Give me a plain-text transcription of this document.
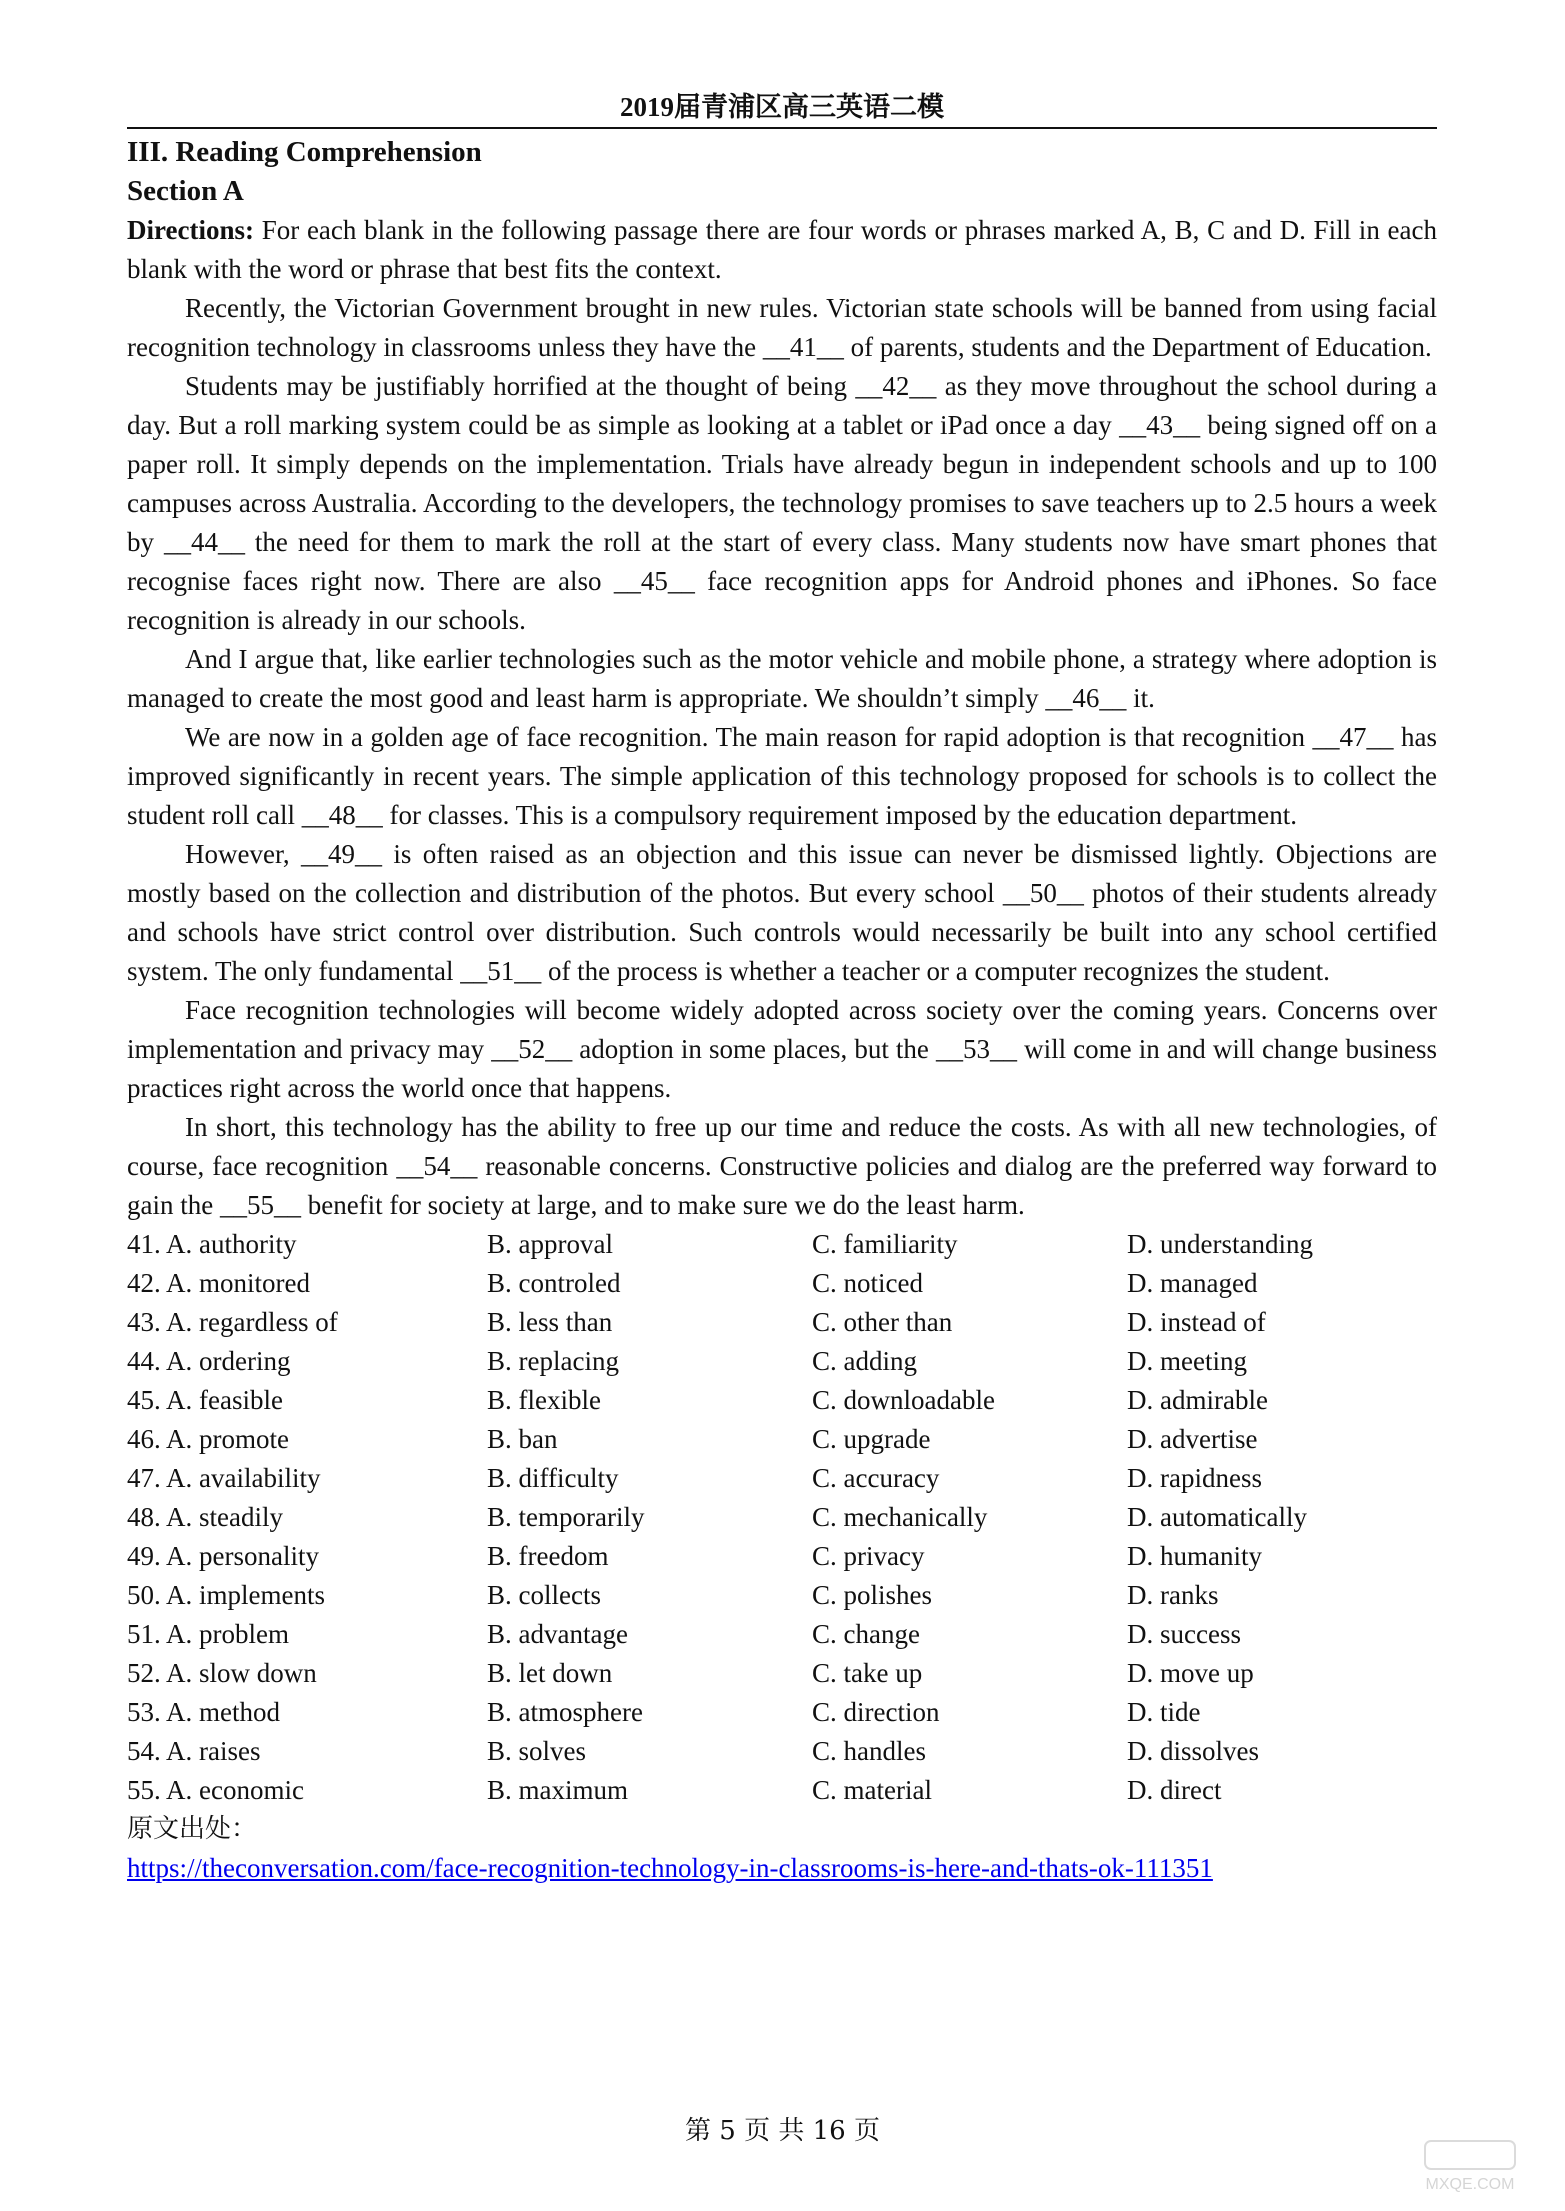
2019届青浦区高三英语二模
III. Reading Comprehension
Section A

Directions: For each blank in the following passage there are four words or phrases marked A, B, C and D. Fill in each blank with the word or phrase that best fits the context.

Recently, the Victorian Government brought in new rules. Victorian state schools will be banned from using facial recognition technology in classrooms unless they have the __41__ of parents, students and the Department of Education.

Students may be justifiably horrified at the thought of being __42__ as they move throughout the school during a day. But a roll marking system could be as simple as looking at a tablet or iPad once a day __43__ being signed off on a paper roll. It simply depends on the implementation. Trials have already begun in independent schools and up to 100 campuses across Australia. According to the developers, the technology promises to save teachers up to 2.5 hours a week by __44__ the need for them to mark the roll at the start of every class. Many students now have smart phones that recognise faces right now. There are also __45__ face recognition apps for Android phones and iPhones. So face recognition is already in our schools.

And I argue that, like earlier technologies such as the motor vehicle and mobile phone, a strategy where adoption is managed to create the most good and least harm is appropriate. We shouldn’t simply __46__ it.

We are now in a golden age of face recognition. The main reason for rapid adoption is that recognition __47__ has improved significantly in recent years. The simple application of this technology proposed for schools is to collect the student roll call __48__ for classes. This is a compulsory requirement imposed by the education department.

However, __49__ is often raised as an objection and this issue can never be dismissed lightly. Objections are mostly based on the collection and distribution of the photos. But every school __50__ photos of their students already and schools have strict control over distribution. Such controls would necessarily be built into any school certified system. The only fundamental __51__ of the process is whether a teacher or a computer recognizes the student.

Face recognition technologies will become widely adopted across society over the coming years. Concerns over implementation and privacy may __52__ adoption in some places, but the __53__ will come in and will change business practices right across the world once that happens.

In short, this technology has the ability to free up our time and reduce the costs. As with all new technologies, of course, face recognition __54__ reasonable concerns. Constructive policies and dialog are the preferred way forward to gain the __55__ benefit for society at large, and to make sure we do the least harm.

41. A. authority	B. approval	C. familiarity	D. understanding
42. A. monitored	B. controled	C. noticed	D. managed
43. A. regardless of	B. less than	C. other than	D. instead of
44. A. ordering	B. replacing	C. adding	D. meeting
45. A. feasible	B. flexible	C. downloadable	D. admirable
46. A. promote	B. ban	C. upgrade	D. advertise
47. A. availability	B. difficulty	C. accuracy	D. rapidness
48. A. steadily	B. temporarily	C. mechanically	D. automatically
49. A. personality	B. freedom	C. privacy	D. humanity
50. A. implements	B. collects	C. polishes	D. ranks
51. A. problem	B. advantage	C. change	D. success
52. A. slow down	B. let down	C. take up	D. move up
53. A. method	B. atmosphere	C. direction	D. tide
54. A. raises	B. solves	C. handles	D. dissolves
55. A. economic	B. maximum	C. material	D. direct
原文出处：
https://theconversation.com/face-recognition-technology-in-classrooms-is-here-and-thats-ok-111351
第 5 页 共 16 页
MXQE.COM
